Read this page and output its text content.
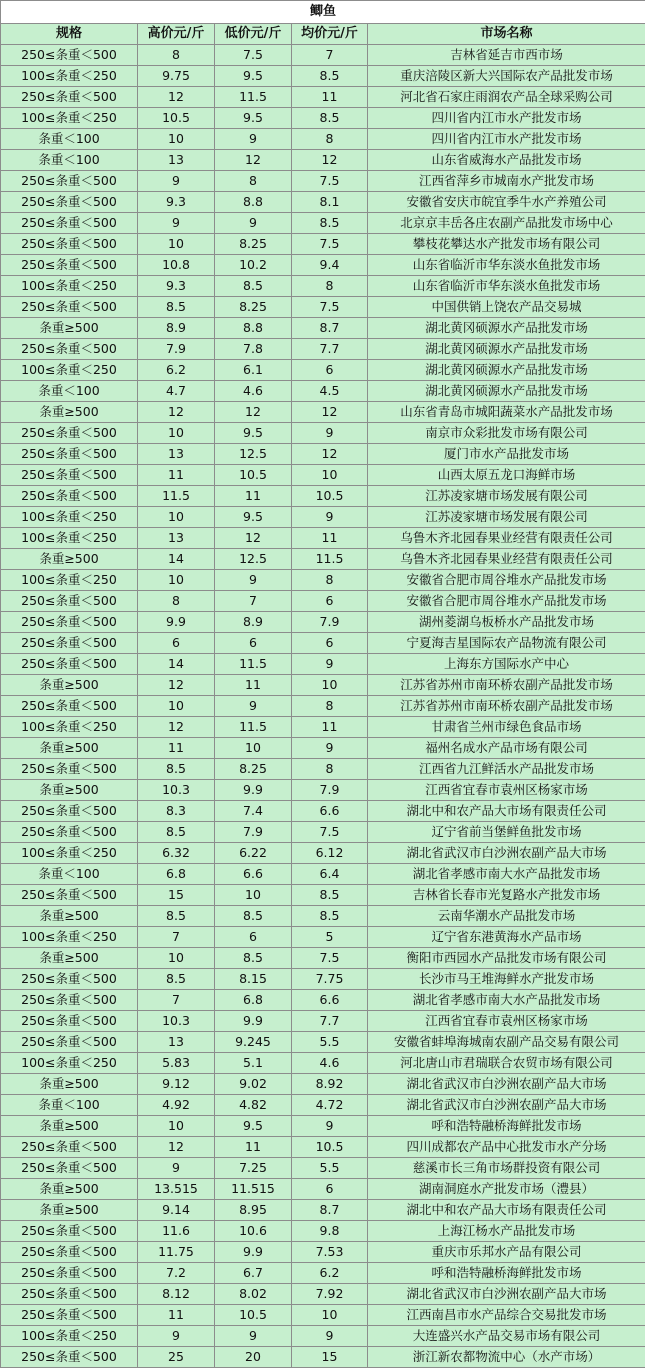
鲫鱼				
规格	高价元/斤	低价元/斤	均价元/斤	市场名称
250≤条重＜500	8	7.5	7	吉林省延吉市西市场
100≤条重＜250	9.75	9.5	8.5	重庆涪陵区新大兴国际农产品批发市场
250≤条重＜500	12	11.5	11	河北省石家庄雨润农产品全球采购公司
100≤条重＜250	10.5	9.5	8.5	四川省内江市水产批发市场
条重＜100	10	9	8	四川省内江市水产批发市场
条重＜100	13	12	12	山东省威海水产品批发市场
250≤条重＜500	9	8	7.5	江西省萍乡市城南水产批发市场
250≤条重＜500	9.3	8.8	8.1	安徽省安庆市皖宜季牛水产养殖公司
250≤条重＜500	9	9	8.5	北京京丰岳各庄农副产品批发市场中心
250≤条重＜500	10	8.25	7.5	攀枝花攀达水产批发市场有限公司
250≤条重＜500	10.8	10.2	9.4	山东省临沂市华东淡水鱼批发市场
100≤条重＜250	9.3	8.5	8	山东省临沂市华东淡水鱼批发市场
250≤条重＜500	8.5	8.25	7.5	中国供销上饶农产品交易城
条重≥500	8.9	8.8	8.7	湖北黄冈硕源水产品批发市场
250≤条重＜500	7.9	7.8	7.7	湖北黄冈硕源水产品批发市场
100≤条重＜250	6.2	6.1	6	湖北黄冈硕源水产品批发市场
条重＜100	4.7	4.6	4.5	湖北黄冈硕源水产品批发市场
条重≥500	12	12	12	山东省青岛市城阳蔬菜水产品批发市场
250≤条重＜500	10	9.5	9	南京市众彩批发市场有限公司
250≤条重＜500	13	12.5	12	厦门市水产品批发市场
250≤条重＜500	11	10.5	10	山西太原五龙口海鲜市场
250≤条重＜500	11.5	11	10.5	江苏凌家塘市场发展有限公司
100≤条重＜250	10	9.5	9	江苏凌家塘市场发展有限公司
100≤条重＜250	13	12	11	乌鲁木齐北园春果业经营有限责任公司
条重≥500	14	12.5	11.5	乌鲁木齐北园春果业经营有限责任公司
100≤条重＜250	10	9	8	安徽省合肥市周谷堆水产品批发市场
250≤条重＜500	8	7	6	安徽省合肥市周谷堆水产品批发市场
250≤条重＜500	9.9	8.9	7.9	湖州菱湖乌板桥水产品批发市场
250≤条重＜500	6	6	6	宁夏海吉星国际农产品物流有限公司
250≤条重＜500	14	11.5	9	上海东方国际水产中心
条重≥500	12	11	10	江苏省苏州市南环桥农副产品批发市场
250≤条重＜500	10	9	8	江苏省苏州市南环桥农副产品批发市场
100≤条重＜250	12	11.5	11	甘肃省兰州市绿色食品市场
条重≥500	11	10	9	福州名成水产品市场有限公司
250≤条重＜500	8.5	8.25	8	江西省九江鲜活水产品批发市场
条重≥500	10.3	9.9	7.9	江西省宜春市袁州区杨家市场
250≤条重＜500	8.3	7.4	6.6	湖北中和农产品大市场有限责任公司
250≤条重＜500	8.5	7.9	7.5	辽宁省前当堡鲜鱼批发市场
100≤条重＜250	6.32	6.22	6.12	湖北省武汉市白沙洲农副产品大市场
条重＜100	6.8	6.6	6.4	湖北省孝感市南大水产品批发市场
250≤条重＜500	15	10	8.5	吉林省长春市光复路水产批发市场
条重≥500	8.5	8.5	8.5	云南华潮水产品批发市场
100≤条重＜250	7	6	5	辽宁省东港黄海水产品市场
条重≥500	10	8.5	7.5	衡阳市西园水产品批发市场有限公司
250≤条重＜500	8.5	8.15	7.75	长沙市马王堆海鲜水产批发市场
250≤条重＜500	7	6.8	6.6	湖北省孝感市南大水产品批发市场
250≤条重＜500	10.3	9.9	7.7	江西省宜春市袁州区杨家市场
250≤条重＜500	13	9.245	5.5	安徽省蚌埠海城南农副产品交易有限公司
100≤条重＜250	5.83	5.1	4.6	河北唐山市君瑞联合农贸市场有限公司
条重≥500	9.12	9.02	8.92	湖北省武汉市白沙洲农副产品大市场
条重＜100	4.92	4.82	4.72	湖北省武汉市白沙洲农副产品大市场
条重≥500	10	9.5	9	呼和浩特融桥海鲜批发市场
250≤条重＜500	12	11	10.5	四川成都农产品中心批发市水产分场
250≤条重＜500	9	7.25	5.5	慈溪市长三角市场群投资有限公司
条重≥500	13.515	11.515	6	湖南洞庭水产批发市场（澧县）
条重≥500	9.14	8.95	8.7	湖北中和农产品大市场有限责任公司
250≤条重＜500	11.6	10.6	9.8	上海江杨水产品批发市场
250≤条重＜500	11.75	9.9	7.53	重庆市乐邦水产品有限公司
250≤条重＜500	7.2	6.7	6.2	呼和浩特融桥海鲜批发市场
250≤条重＜500	8.12	8.02	7.92	湖北省武汉市白沙洲农副产品大市场
250≤条重＜500	11	10.5	10	江西南昌市水产品综合交易批发市场
100≤条重＜250	9	9	9	大连盛兴水产品交易市场有限公司
250≤条重＜500	25	20	15	浙江新农都物流中心（水产市场）
